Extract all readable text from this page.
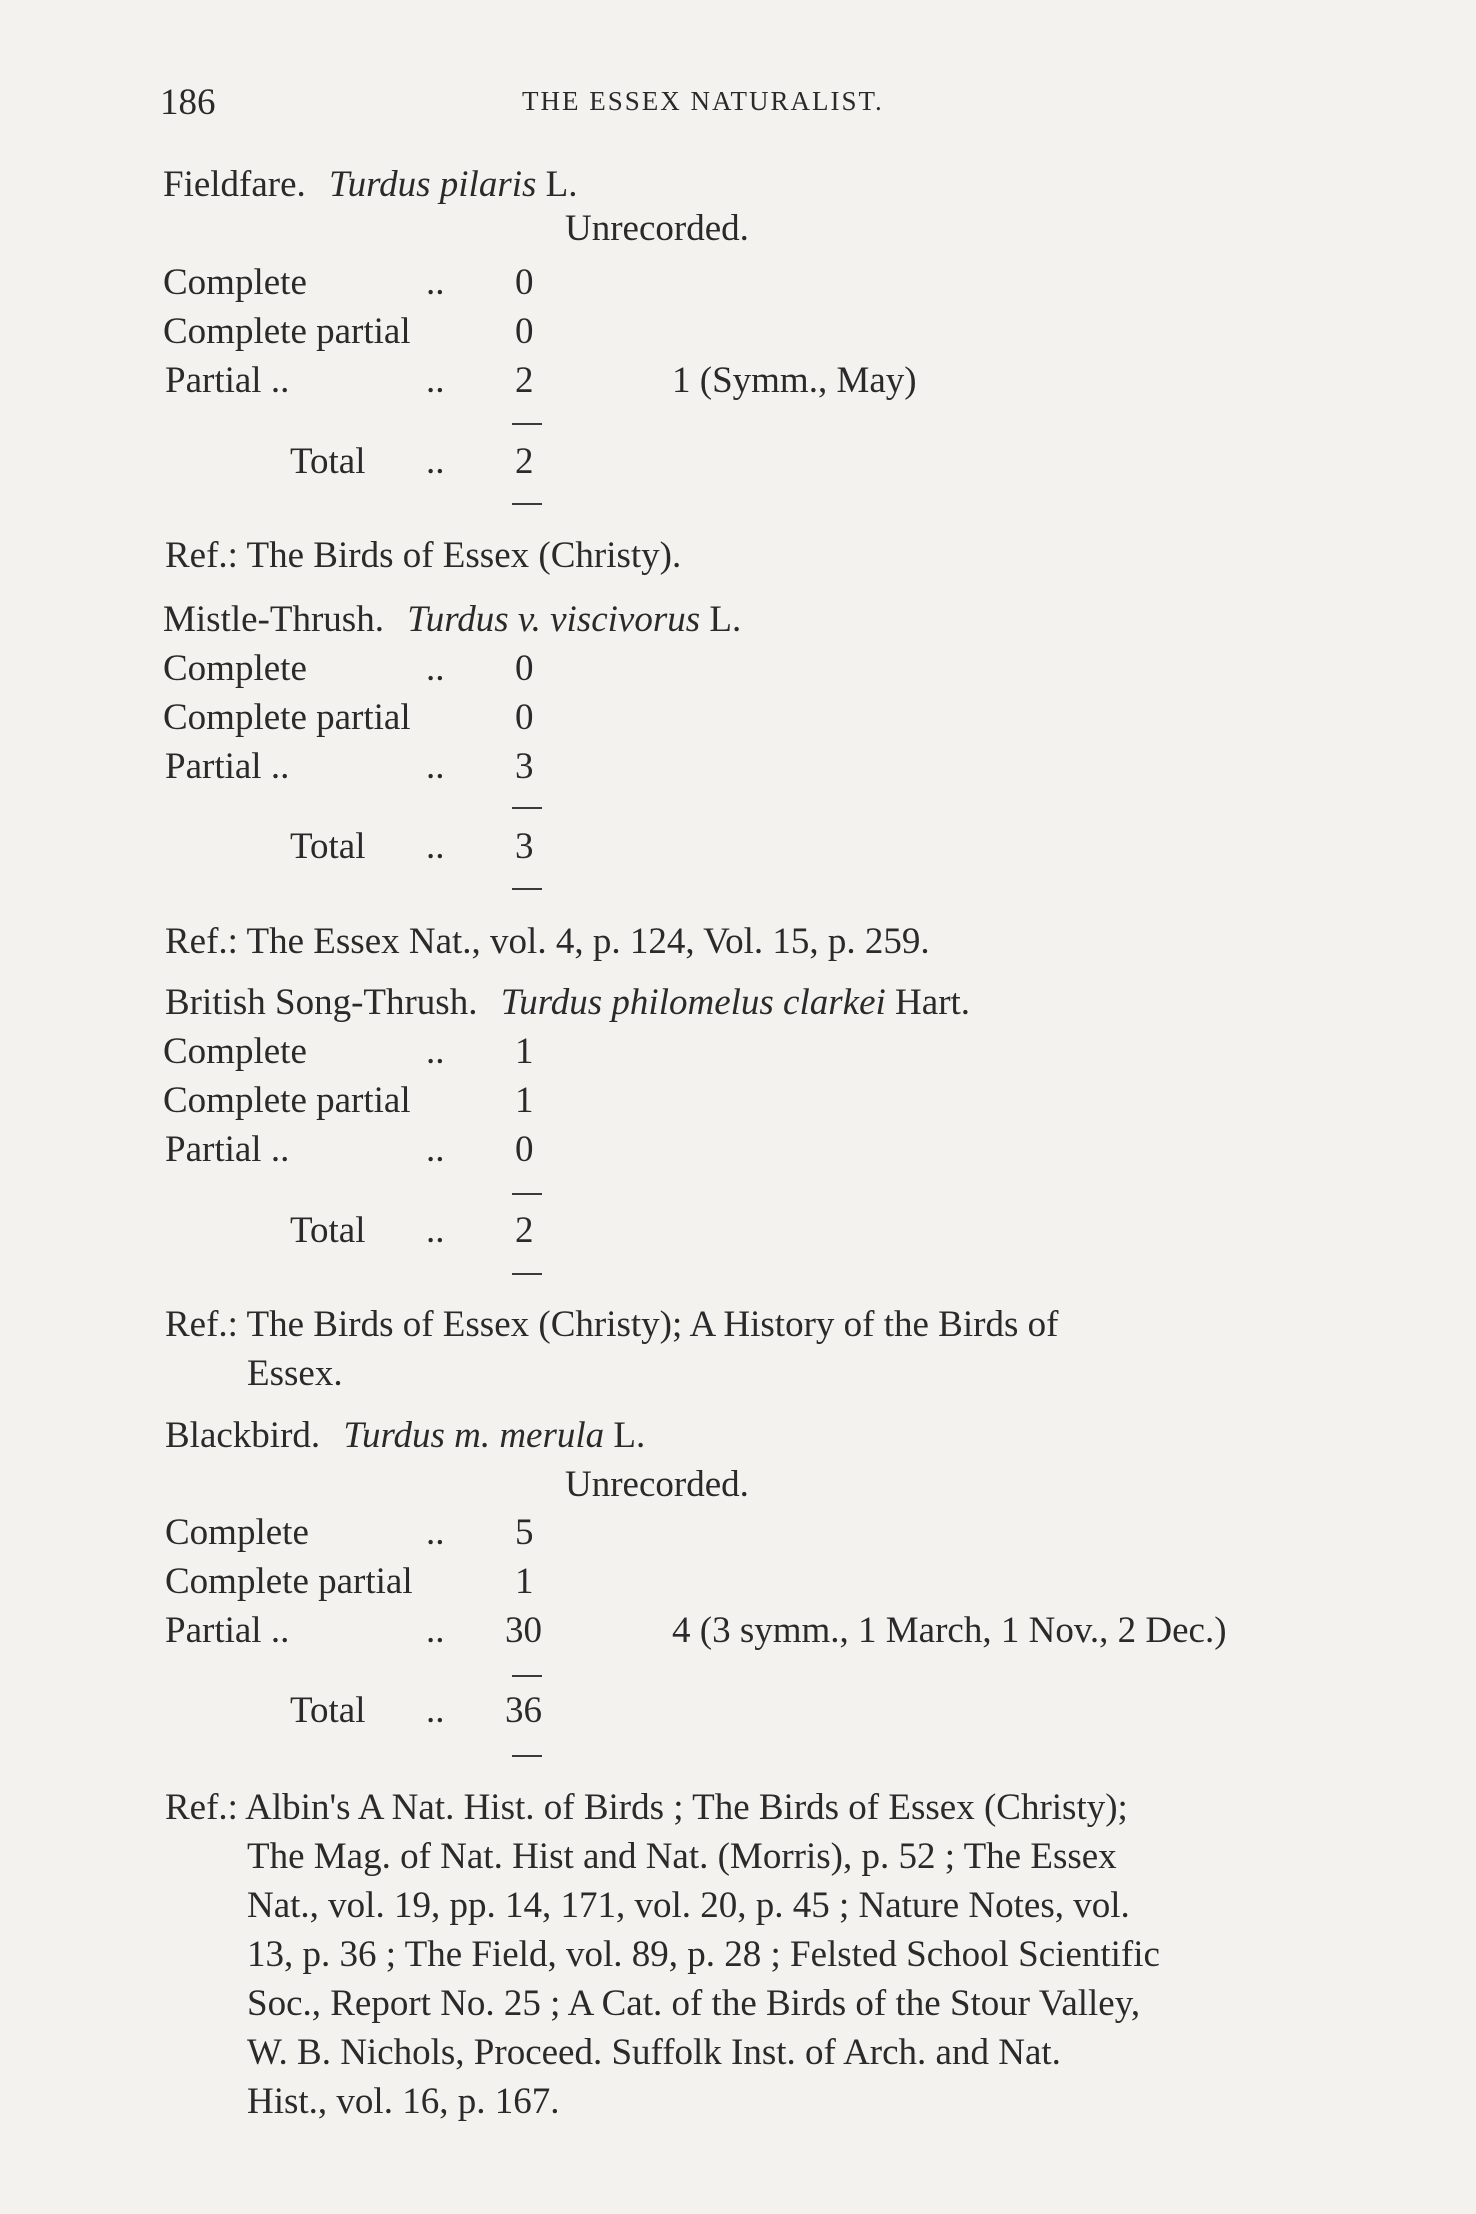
186	THE ESSEX NATURALIST.
Fieldfare. Turdus pilaris L.
Unrecorded.
Complete	.. 0
Complete partial	0
Partial ..	.. 2	1 (Symm., May)
Total .. 2
Ref.: The Birds of Essex (Christy).
Mistle-Thrush. Turdus v. viscivorus L.
Complete	.. 0
Complete partial	0
Partial ..	.. 3
Total .. 3
Ref.: The Essex Nat., vol. 4, p. 124, Vol. 15, p. 259.
British Song-Thrush. Turdus philomelus clarkei Hart.
Complete	.. 1
Complete partial	1
Partial ..	.. 0
Total .. 2
Ref.: The Birds of Essex (Christy); A History of the Birds of
Essex.
Blackbird. Turdus m. merula L.
Unrecorded.
Complete	.. 5
Complete partial	1
Partial ..	.. 30	4 (3 symm., 1 March, 1 Nov., 2 Dec.)
Total .. 36
Ref.: Albin's A Nat. Hist. of Birds ; The Birds of Essex (Christy);
The Mag. of Nat. Hist and Nat. (Morris), p. 52 ; The Essex
Nat., vol. 19, pp. 14, 171, vol. 20, p. 45 ; Nature Notes, vol.
13, p. 36 ; The Field, vol. 89, p. 28 ; Felsted School Scientific
Soc., Report No. 25 ; A Cat. of the Birds of the Stour Valley,
W. B. Nichols, Proceed. Suffolk Inst. of Arch. and Nat.
Hist., vol. 16, p. 167.
